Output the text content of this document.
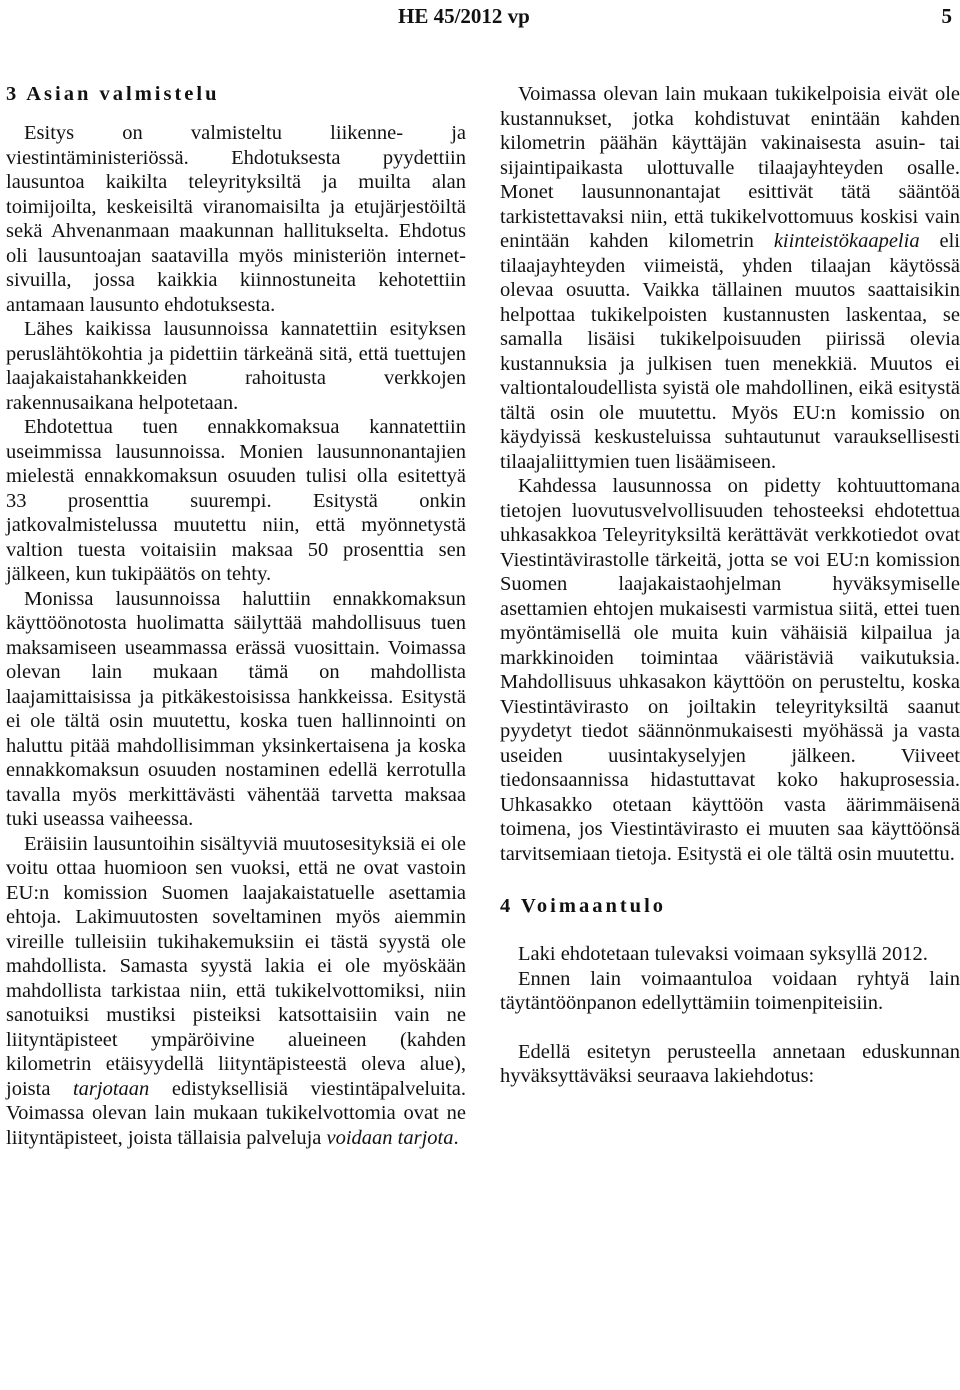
HE 45/2012 vp	5
3 Asian valmistelu

Esitys on valmisteltu liikenne- ja viestintäministeriössä. Ehdotuksesta pyydettiin lausuntoa kaikilta teleyrityksiltä ja muilta alan toimijoilta, keskeisiltä viranomaisilta ja etujärjestöiltä sekä Ahvenanmaan maakunnan hallitukselta. Ehdotus oli lausuntoajan saatavilla myös ministeriön internet-sivuilla, jossa kaikkia kiinnostuneita kehotettiin antamaan lausunto ehdotuksesta.

Lähes kaikissa lausunnoissa kannatettiin esityksen peruslähtökohtia ja pidettiin tärkeänä sitä, että tuettujen laajakaistahankkeiden rahoitusta verkkojen rakennusaikana helpotetaan.

Ehdotettua tuen ennakkomaksua kannatettiin useimmissa lausunnoissa. Monien lausunnonantajien mielestä ennakkomaksun osuuden tulisi olla esitettyä 33 prosenttia suurempi. Esitystä onkin jatkovalmistelussa muutettu niin, että myönnetystä valtion tuesta voitaisiin maksaa 50 prosenttia sen jälkeen, kun tukipäätös on tehty.

Monissa lausunnoissa haluttiin ennakkomaksun käyttöönotosta huolimatta säilyttää mahdollisuus tuen maksamiseen useammassa erässä vuosittain. Voimassa olevan lain mukaan tämä on mahdollista laajamittaisissa ja pitkäkestoisissa hankkeissa. Esitystä ei ole tältä osin muutettu, koska tuen hallinnointi on haluttu pitää mahdollisimman yksinkertaisena ja koska ennakkomaksun osuuden nostaminen edellä kerrotulla tavalla myös merkittävästi vähentää tarvetta maksaa tuki useassa vaiheessa.

Eräisiin lausuntoihin sisältyviä muutosesityksiä ei ole voitu ottaa huomioon sen vuoksi, että ne ovat vastoin EU:n komission Suomen laajakaistatuelle asettamia ehtoja. Lakimuutosten soveltaminen myös aiemmin vireille tulleisiin tukihakemuksiin ei tästä syystä ole mahdollista. Samasta syystä lakia ei ole myöskään mahdollista tarkistaa niin, että tukikelvottomiksi, niin sanotuiksi mustiksi pisteiksi katsottaisiin vain ne liityntäpisteet ympäröivine alueineen (kahden kilometrin etäisyydellä liityntäpisteestä oleva alue), joista tarjotaan edistyksellisiä viestintäpalveluita. Voimassa olevan lain mukaan tukikelvottomia ovat ne liityntäpisteet, joista tällaisia palveluja voidaan tarjota.

Voimassa olevan lain mukaan tukikelpoisia eivät ole kustannukset, jotka kohdistuvat enintään kahden kilometrin päähän käyttäjän vakinaisesta asuin- tai sijaintipaikasta ulottuvalle tilaajayhteyden osalle. Monet lausunnonantajat esittivät tätä sääntöä tarkistettavaksi niin, että tukikelvottomuus koskisi vain enintään kahden kilometrin kiinteistökaapelia eli tilaajayhteyden viimeistä, yhden tilaajan käytössä olevaa osuutta. Vaikka tällainen muutos saattaisikin helpottaa tukikelpoisten kustannusten laskentaa, se samalla lisäisi tukikelpoisuuden piirissä olevia kustannuksia ja julkisen tuen menekkiä. Muutos ei valtiontaloudellista syistä ole mahdollinen, eikä esitystä tältä osin ole muutettu. Myös EU:n komissio on käydyissä keskusteluissa suhtautunut varauksellisesti tilaajaliittymien tuen lisäämiseen.

Kahdessa lausunnossa on pidetty kohtuuttomana tietojen luovutusvelvollisuuden tehosteeksi ehdotettua uhkasakkoa Teleyrityksiltä kerättävät verkkotiedot ovat Viestintävirastolle tärkeitä, jotta se voi EU:n komission Suomen laajakaistaohjelman hyväksymiselle asettamien ehtojen mukaisesti varmistua siitä, ettei tuen myöntämisellä ole muita kuin vähäisiä kilpailua ja markkinoiden toimintaa vääristäviä vaikutuksia. Mahdollisuus uhkasakon käyttöön on perusteltu, koska Viestintävirasto on joiltakin teleyrityksiltä saanut pyydetyt tiedot säännönmukaisesti myöhässä ja vasta useiden uusintakyselyjen jälkeen. Viiveet tiedonsaannissa hidastuttavat koko hakuprosessia. Uhkasakko otetaan käyttöön vasta äärimmäisenä toimena, jos Viestintävirasto ei muuten saa käyttöönsä tarvitsemiaan tietoja. Esitystä ei ole tältä osin muutettu.

4 Voimaantulo

Laki ehdotetaan tulevaksi voimaan syksyllä 2012.

Ennen lain voimaantuloa voidaan ryhtyä lain täytäntöönpanon edellyttämiin toimenpiteisiin.

Edellä esitetyn perusteella annetaan eduskunnan hyväksyttäväksi seuraava lakiehdotus:
